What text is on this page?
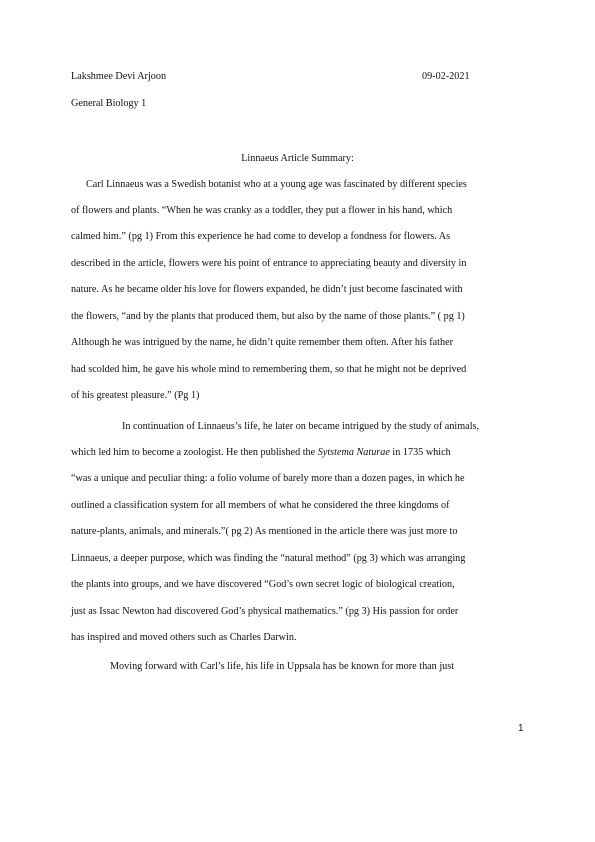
Lakshmee Devi Arjoon	09-02-2021
General Biology 1
Linnaeus Article Summary:
Carl Linnaeus was a Swedish botanist who at a young age was fascinated by different species
of flowers and plants. “When he was cranky as a toddler, they put a flower in his hand, which
calmed him.” (pg 1) From this experience he had come to develop a fondness for flowers. As
described in the article, flowers were his point of entrance to appreciating beauty and diversity in
nature. As he became older his love for flowers expanded, he didn’t just become fascinated with
the flowers, “and by the plants that produced them, but also by the name of those plants.” ( pg 1)
Although he was intrigued by the name, he didn’t quite remember them often. After his father
had scolded him, he gave his whole mind to remembering them, so that he might not be deprived
of his greatest pleasure.” (Pg 1)
In continuation of Linnaeus’s life, he later on became intrigued by the study of animals,
which led him to become a zoologist. He then published the Sytstema Naturae in 1735 which
“was a unique and peculiar thing: a folio volume of barely more than a dozen pages, in which he
outlined a classification system for all members of what he considered the three kingdoms of
nature-plants, animals, and minerals.”( pg 2) As mentioned in the article there was just more to
Linnaeus, a deeper purpose, which was finding the “natural method” (pg 3) which was arranging
the plants into groups, and we have discovered “God’s own secret logic of biological creation,
just as Issac Newton had discovered God’s physical mathematics.” (pg 3) His passion for order
has inspired and moved others such as Charles Darwin.
Moving forward with Carl’s life, his life in Uppsala has be known for more than just
1
